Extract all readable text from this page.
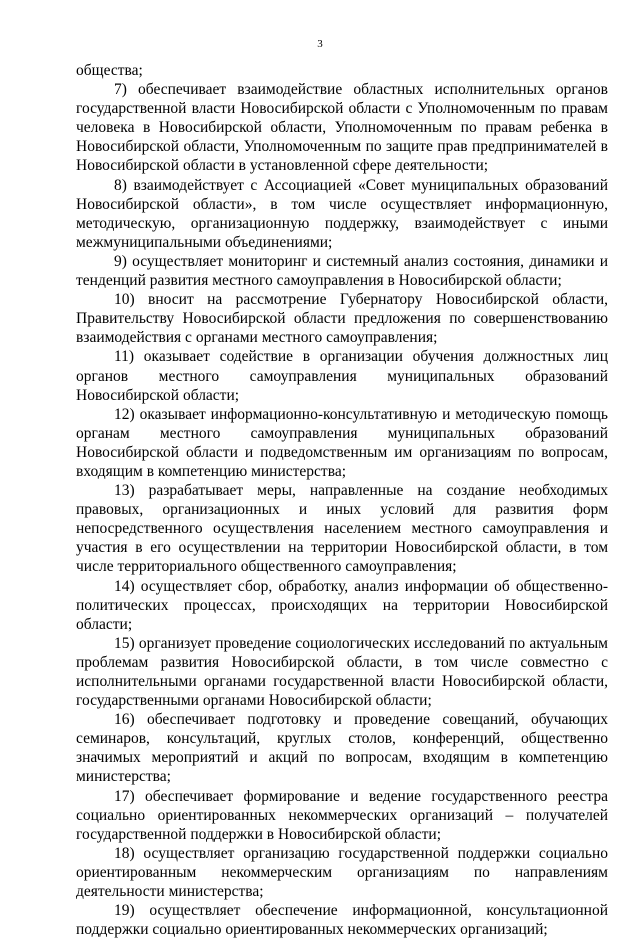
3

общества;

7) обеспечивает взаимодействие областных исполнительных органов государственной власти Новосибирской области с Уполномоченным по правам человека в Новосибирской области, Уполномоченным по правам ребенка в Новосибирской области, Уполномоченным по защите прав предпринимателей в Новосибирской области в установленной сфере деятельности;

8) взаимодействует с Ассоциацией «Совет муниципальных образований Новосибирской области», в том числе осуществляет информационную, методическую, организационную поддержку, взаимодействует с иными межмуниципальными объединениями;

9) осуществляет мониторинг и системный анализ состояния, динамики и тенденций развития местного самоуправления в Новосибирской области;

10) вносит на рассмотрение Губернатору Новосибирской области, Правительству Новосибирской области предложения по совершенствованию взаимодействия с органами местного самоуправления;

11) оказывает содействие в организации обучения должностных лиц органов местного самоуправления муниципальных образований Новосибирской области;

12) оказывает информационно-консультативную и методическую помощь органам местного самоуправления муниципальных образований Новосибирской области и подведомственным им организациям по вопросам, входящим в компетенцию министерства;

13) разрабатывает меры, направленные на создание необходимых правовых, организационных и иных условий для развития форм непосредственного осуществления населением местного самоуправления и участия в его осуществлении на территории Новосибирской области, в том числе территориального общественного самоуправления;

14) осуществляет сбор, обработку, анализ информации об общественно-политических процессах, происходящих на территории Новосибирской области;

15) организует проведение социологических исследований по актуальным проблемам развития Новосибирской области, в том числе совместно с исполнительными органами государственной власти Новосибирской области, государственными органами Новосибирской области;

16) обеспечивает подготовку и проведение совещаний, обучающих семинаров, консультаций, круглых столов, конференций, общественно значимых мероприятий и акций по вопросам, входящим в компетенцию министерства;

17) обеспечивает формирование и ведение государственного реестра социально ориентированных некоммерческих организаций – получателей государственной поддержки в Новосибирской области;

18) осуществляет организацию государственной поддержки социально ориентированным некоммерческим организациям по направлениям деятельности министерства;

19) осуществляет обеспечение информационной, консультационной поддержки социально ориентированных некоммерческих организаций;
